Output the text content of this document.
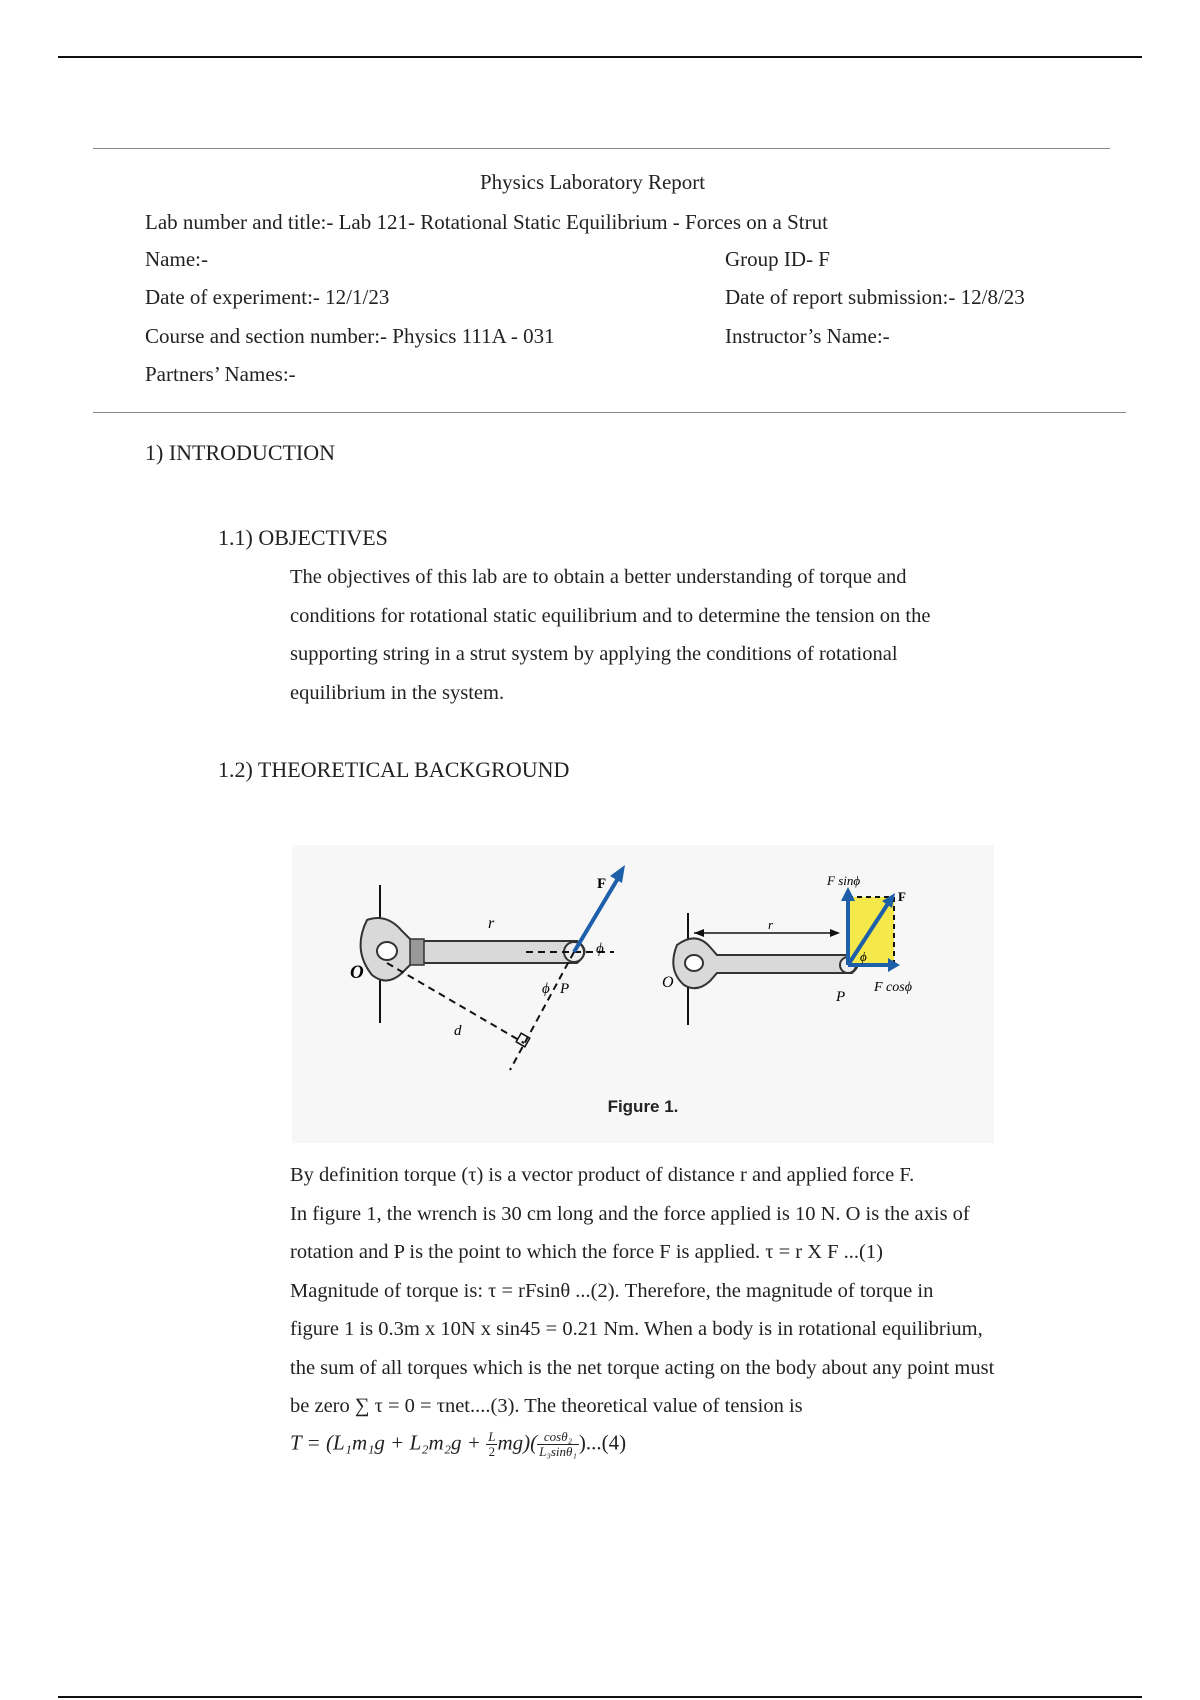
Physics Laboratory Report
Lab number and title:- Lab 121- Rotational Static Equilibrium - Forces on a Strut
Name:-	Group ID- F
Date of experiment:- 12/1/23	Date of report submission:- 12/8/23
Course and section number:- Physics 111A - 031	Instructor’s Name:-
Partners’ Names:-
1) INTRODUCTION
1.1) OBJECTIVES

The objectives of this lab are to obtain a better understanding of torque and

conditions for rotational static equilibrium and to determine the tension on the

supporting string in a strut system by applying the conditions of rotational

equilibrium in the system.

1.2) THEORETICAL BACKGROUND
O
r
F
ϕ
ϕ P
d
O
r
P
F
F sinϕ
F cosϕ
ϕ
Figure 1.

By definition torque (τ) is a vector product of distance r and applied force F.

In figure 1, the wrench is 30 cm long and the force applied is 10 N. O is the axis of

rotation and P is the point to which the force F is applied. τ = r X F ...(1)

Magnitude of torque is: τ = rFsinθ ...(2). Therefore, the magnitude of torque in

figure 1 is 0.3m x 10N x sin45 = 0.21 Nm. When a body is in rotational equilibrium,

the sum of all torques which is the net torque acting on the body about any point must

be zero ∑ τ = 0 = τnet....(3). The theoretical value of tension is

$T = (L_1m_1g + L_2m_2g + \frac{L}{2} mg)( \frac{\text{cosθ₂}}{\text{L₃sinθ₁}} )...(4)$
